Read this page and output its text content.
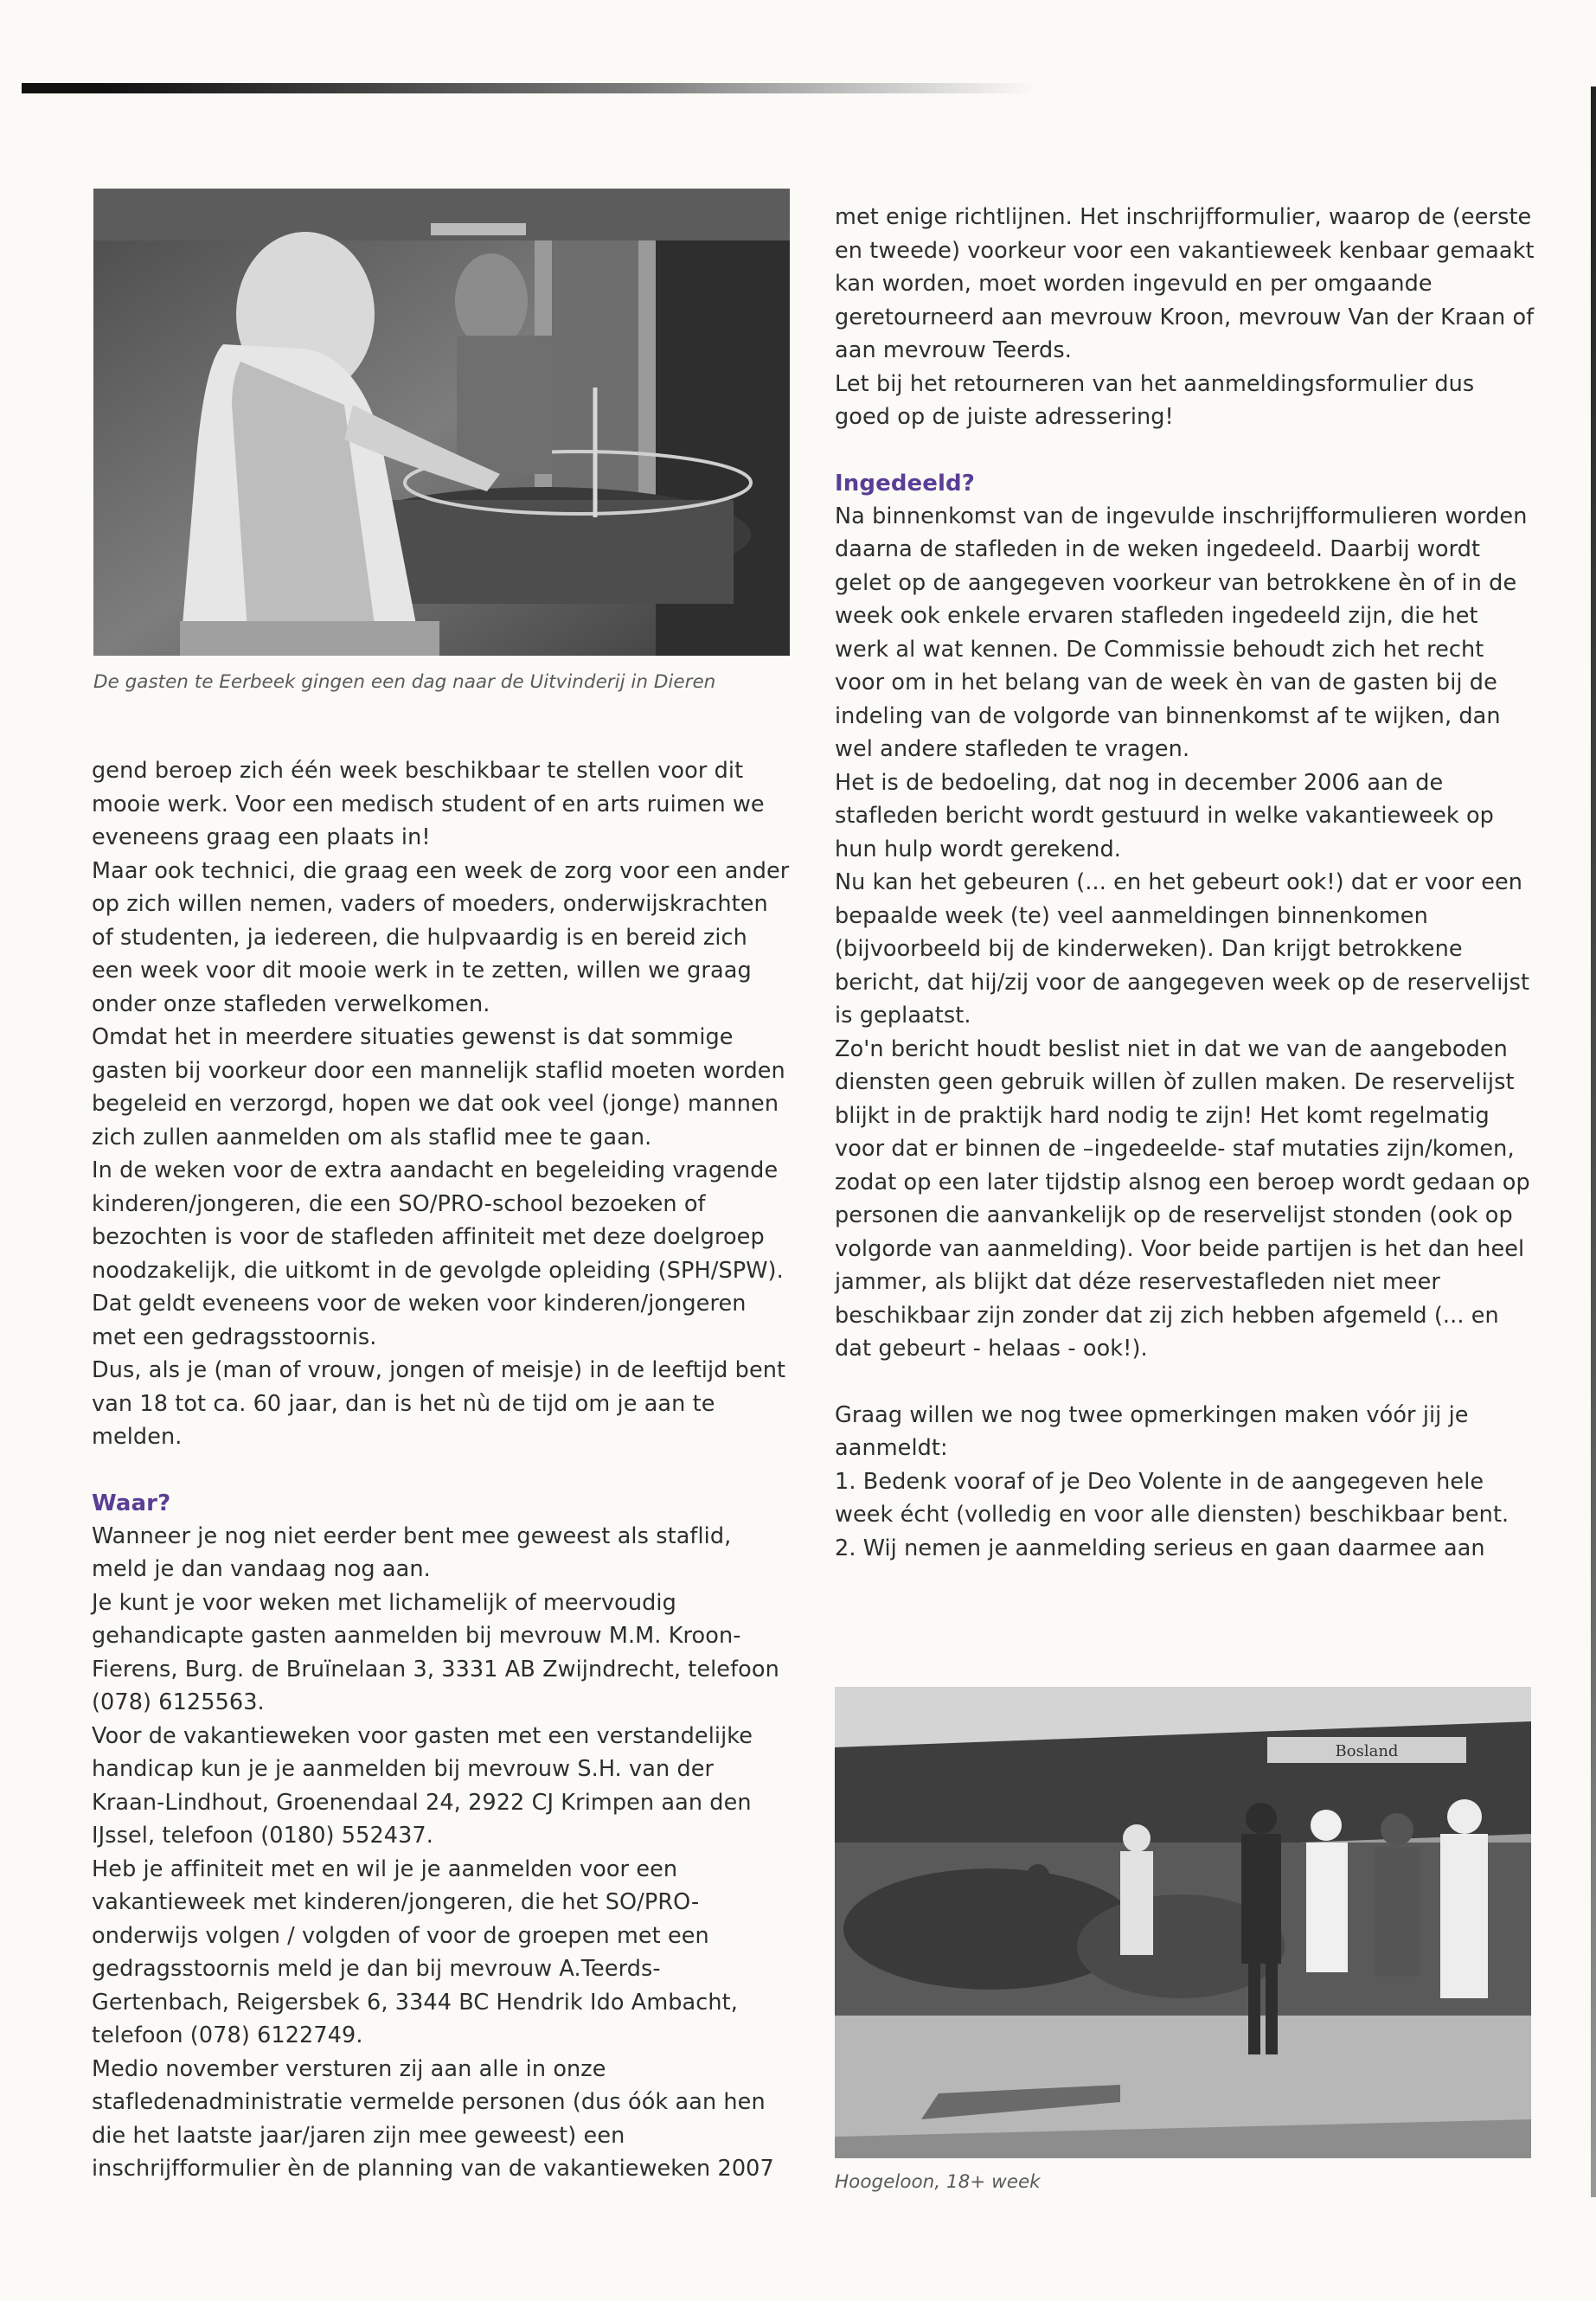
De gasten te Eerbeek gingen een dag naar de Uitvinderij in Dieren

gend beroep zich één week beschikbaar te stellen voor dit mooie werk. Voor een medisch student of en arts ruimen we eveneens graag een plaats in!

Maar ook technici, die graag een week de zorg voor een ander op zich willen nemen, vaders of moeders, onderwijskrachten of studenten, ja iedereen, die hulpvaardig is en bereid zich een week voor dit mooie werk in te zetten, willen we graag onder onze stafleden verwelkomen.

Omdat het in meerdere situaties gewenst is dat sommige gasten bij voorkeur door een mannelijk staflid moeten worden begeleid en verzorgd, hopen we dat ook veel (jonge) mannen zich zullen aanmelden om als staflid mee te gaan.

In de weken voor de extra aandacht en begeleiding vragende kinderen/jongeren, die een SO/PRO-school bezoeken of bezochten is voor de stafleden affiniteit met deze doelgroep noodzakelijk, die uitkomt in de gevolgde opleiding (SPH/SPW). Dat geldt eveneens voor de weken voor kinderen/jongeren met een gedragsstoornis.

Dus, als je (man of vrouw, jongen of meisje) in de leeftijd bent van 18 tot ca. 60 jaar, dan is het nù de tijd om je aan te melden.

Waar?

Wanneer je nog niet eerder bent mee geweest als staflid, meld je dan vandaag nog aan.

Je kunt je voor weken met lichamelijk of meervoudig gehandicapte gasten aanmelden bij mevrouw M.M. Kroon-Fierens, Burg. de Bruïnelaan 3, 3331 AB Zwijndrecht, telefoon (078) 6125563.

Voor de vakantieweken voor gasten met een verstandelijke handicap kun je je aanmelden bij mevrouw S.H. van der Kraan-Lindhout, Groenendaal 24, 2922 CJ Krimpen aan den IJssel, telefoon (0180) 552437.

Heb je affiniteit met en wil je je aanmelden voor een vakantieweek met kinderen/jongeren, die het SO/PRO-onderwijs volgen / volgden of voor de groepen met een gedragsstoornis meld je dan bij mevrouw A.Teerds-Gertenbach, Reigersbek 6, 3344 BC Hendrik Ido Ambacht, telefoon (078) 6122749.

Medio november versturen zij aan alle in onze stafledenadministratie vermelde personen (dus óók aan hen die het laatste jaar/jaren zijn mee geweest) een inschrijfformulier èn de planning van de vakantieweken 2007

met enige richtlijnen. Het inschrijfformulier, waarop de (eerste en tweede) voorkeur voor een vakantieweek kenbaar gemaakt kan worden, moet worden ingevuld en per omgaande geretourneerd aan mevrouw Kroon, mevrouw Van der Kraan of aan mevrouw Teerds.

Let bij het retourneren van het aanmeldingsformulier dus goed op de juiste adressering!

Ingedeeld?

Na binnenkomst van de ingevulde inschrijfformulieren worden daarna de stafleden in de weken ingedeeld. Daarbij wordt gelet op de aangegeven voorkeur van betrokkene èn of in de week ook enkele ervaren stafleden ingedeeld zijn, die het werk al wat kennen. De Commissie behoudt zich het recht voor om in het belang van de week èn van de gasten bij de indeling van de volgorde van binnenkomst af te wijken, dan wel andere stafleden te vragen.

Het is de bedoeling, dat nog in december 2006 aan de stafleden bericht wordt gestuurd in welke vakantieweek op hun hulp wordt gerekend.

Nu kan het gebeuren (... en het gebeurt ook!) dat er voor een bepaalde week (te) veel aanmeldingen binnenkomen (bijvoorbeeld bij de kinderweken). Dan krijgt betrokkene bericht, dat hij/zij voor de aangegeven week op de reservelijst is geplaatst.

Zo'n bericht houdt beslist niet in dat we van de aangeboden diensten geen gebruik willen òf zullen maken. De reservelijst blijkt in de praktijk hard nodig te zijn! Het komt regelmatig voor dat er binnen de –ingedeelde- staf mutaties zijn/komen, zodat op een later tijdstip alsnog een beroep wordt gedaan op personen die aanvankelijk op de reservelijst stonden (ook op volgorde van aanmelding). Voor beide partijen is het dan heel jammer, als blijkt dat déze reservestafleden niet meer beschikbaar zijn zonder dat zij zich hebben afgemeld (... en dat gebeurt - helaas - ook!).

Graag willen we nog twee opmerkingen maken vóór jij je aanmeldt:

1. Bedenk vooraf of je Deo Volente in de aangegeven hele week écht (volledig en voor alle diensten) beschikbaar bent.

2. Wij nemen je aanmelding serieus en gaan daarmee aan

Bosland
Hoogeloon, 18+ week
